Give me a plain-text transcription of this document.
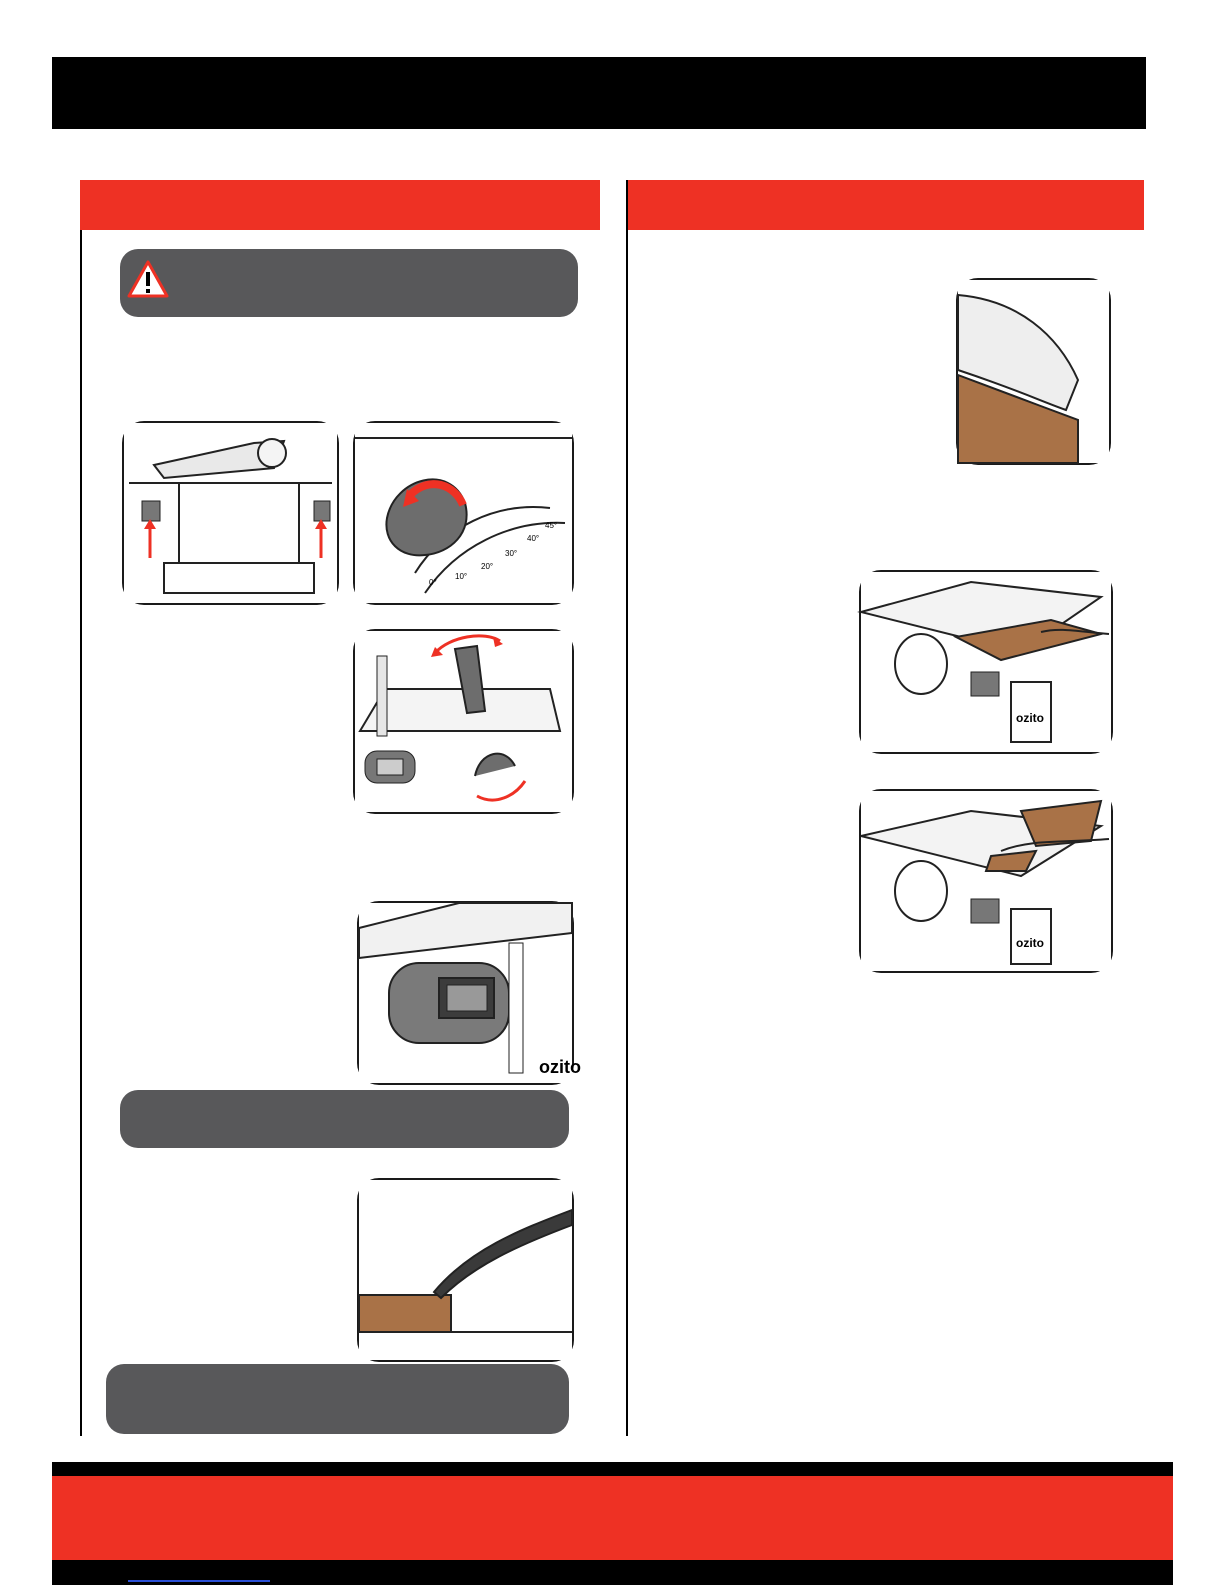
0°
10°
20°
30°
40°
45°
ozito
ozito
ozito
